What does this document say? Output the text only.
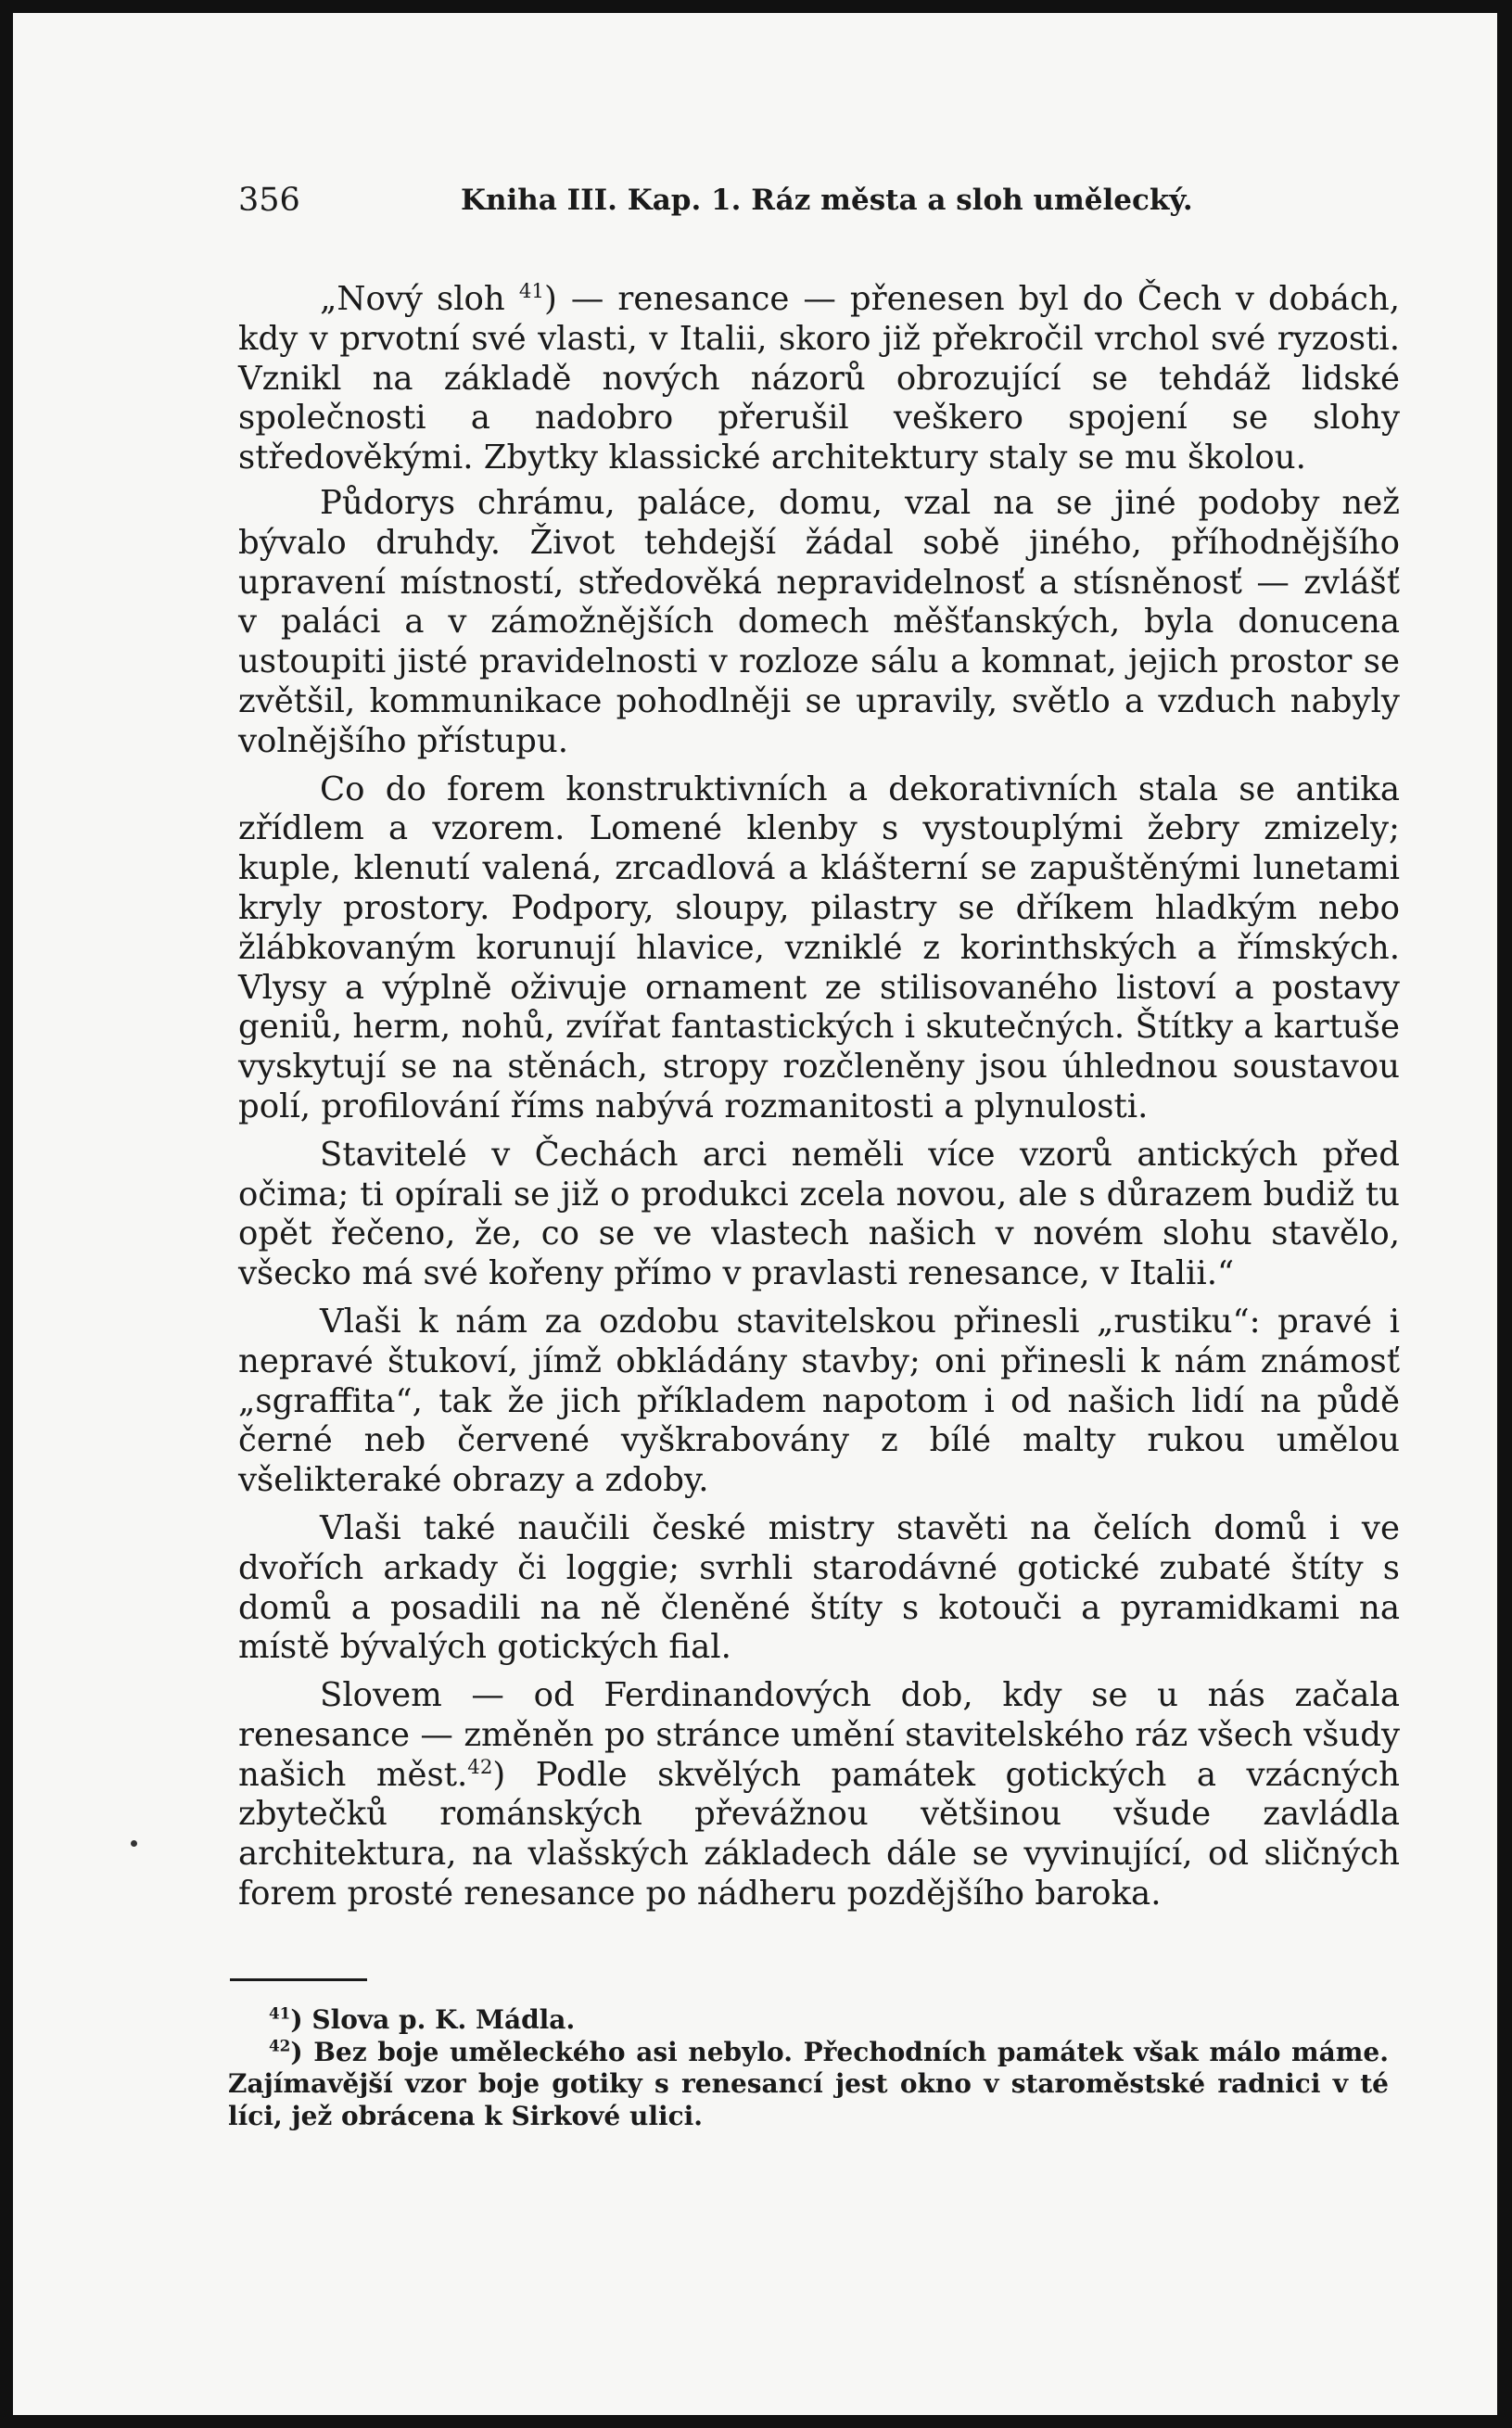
356	Kniha III. Kap. 1. Ráz města a sloh umělecký.

„Nový sloh $^{41}$) — renesance — přenesen byl do Čech v dobách, kdy v prvotní své vlasti, v Italii, skoro již překročil vrchol své ryzosti. Vznikl na základě nových názorů obrozující se tehdáž lidské společnosti a nadobro přerušil veškero spojení se slohy středověkými. Zbytky klassické architektury staly se mu školou.

Půdorys chrámu, paláce, domu, vzal na se jiné podoby než bývalo druhdy. Život tehdejší žádal sobě jiného, příhodnějšího upravení místností, středověká nepravidelnosť a stísněnosť — zvlášť v paláci a v zámožnějších domech měšťanských, byla donucena ustoupiti jisté pravidelnosti v rozloze sálu a komnat, jejich prostor se zvětšil, kommunikace pohodlněji se upravily, světlo a vzduch nabyly volnějšího přístupu.

Co do forem konstruktivních a dekorativních stala se antika zřídlem a vzorem. Lomené klenby s vystouplými žebry zmizely; kuple, klenutí valená, zrcadlová a klášterní se zapuštěnými lunetami kryly prostory. Podpory, sloupy, pilastry se dříkem hladkým nebo žlábkovaným korunují hlavice, vzniklé z korinthských a římských. Vlysy a výplně oživuje ornament ze stilisovaného listoví a postavy geniů, herm, nohů, zvířat fantastických i skutečných. Štítky a kartuše vyskytují se na stěnách, stropy rozčleněny jsou úhlednou soustavou polí, profilování říms nabývá rozmanitosti a plynulosti.

Stavitelé v Čechách arci neměli více vzorů antických před očima; ti opírali se již o produkci zcela novou, ale s důrazem budiž tu opět řečeno, že, co se ve vlastech našich v novém slohu stavělo, všecko má své kořeny přímo v pravlasti renesance, v Italii.“

Vlaši k nám za ozdobu stavitelskou přinesli „rustiku“: pravé i nepravé štukoví, jímž obkládány stavby; oni přinesli k nám známosť „sgraffita“, tak že jich příkladem napotom i od našich lidí na půdě černé neb červené vyškrabovány z bílé malty rukou umělou všelikteraké obrazy a zdoby.

Vlaši také naučili české mistry stavěti na čelích domů i ve dvořích arkady či loggie; svrhli starodávné gotické zubaté štíty s domů a posadili na ně členěné štíty s kotouči a pyramidkami na místě bývalých gotických fial.

Slovem — od Ferdinandových dob, kdy se u nás začala renesance — změněn po stránce umění stavitelského ráz všech všudy našich měst.$^{42}$) Podle skvělých památek gotických a vzácných zbytečků románských převážnou většinou všude zavládla architektura, na vlašských základech dále se vyvinující, od sličných forem prosté renesance po nádheru pozdějšího baroka.

$^{41}$) Slova p. K. Mádla.

$^{42}$) Bez boje uměleckého asi nebylo. Přechodních památek však málo máme. Zajímavější vzor boje gotiky s renesancí jest okno v staroměstské radnici v té líci, jež obrácena k Sirkové ulici.
